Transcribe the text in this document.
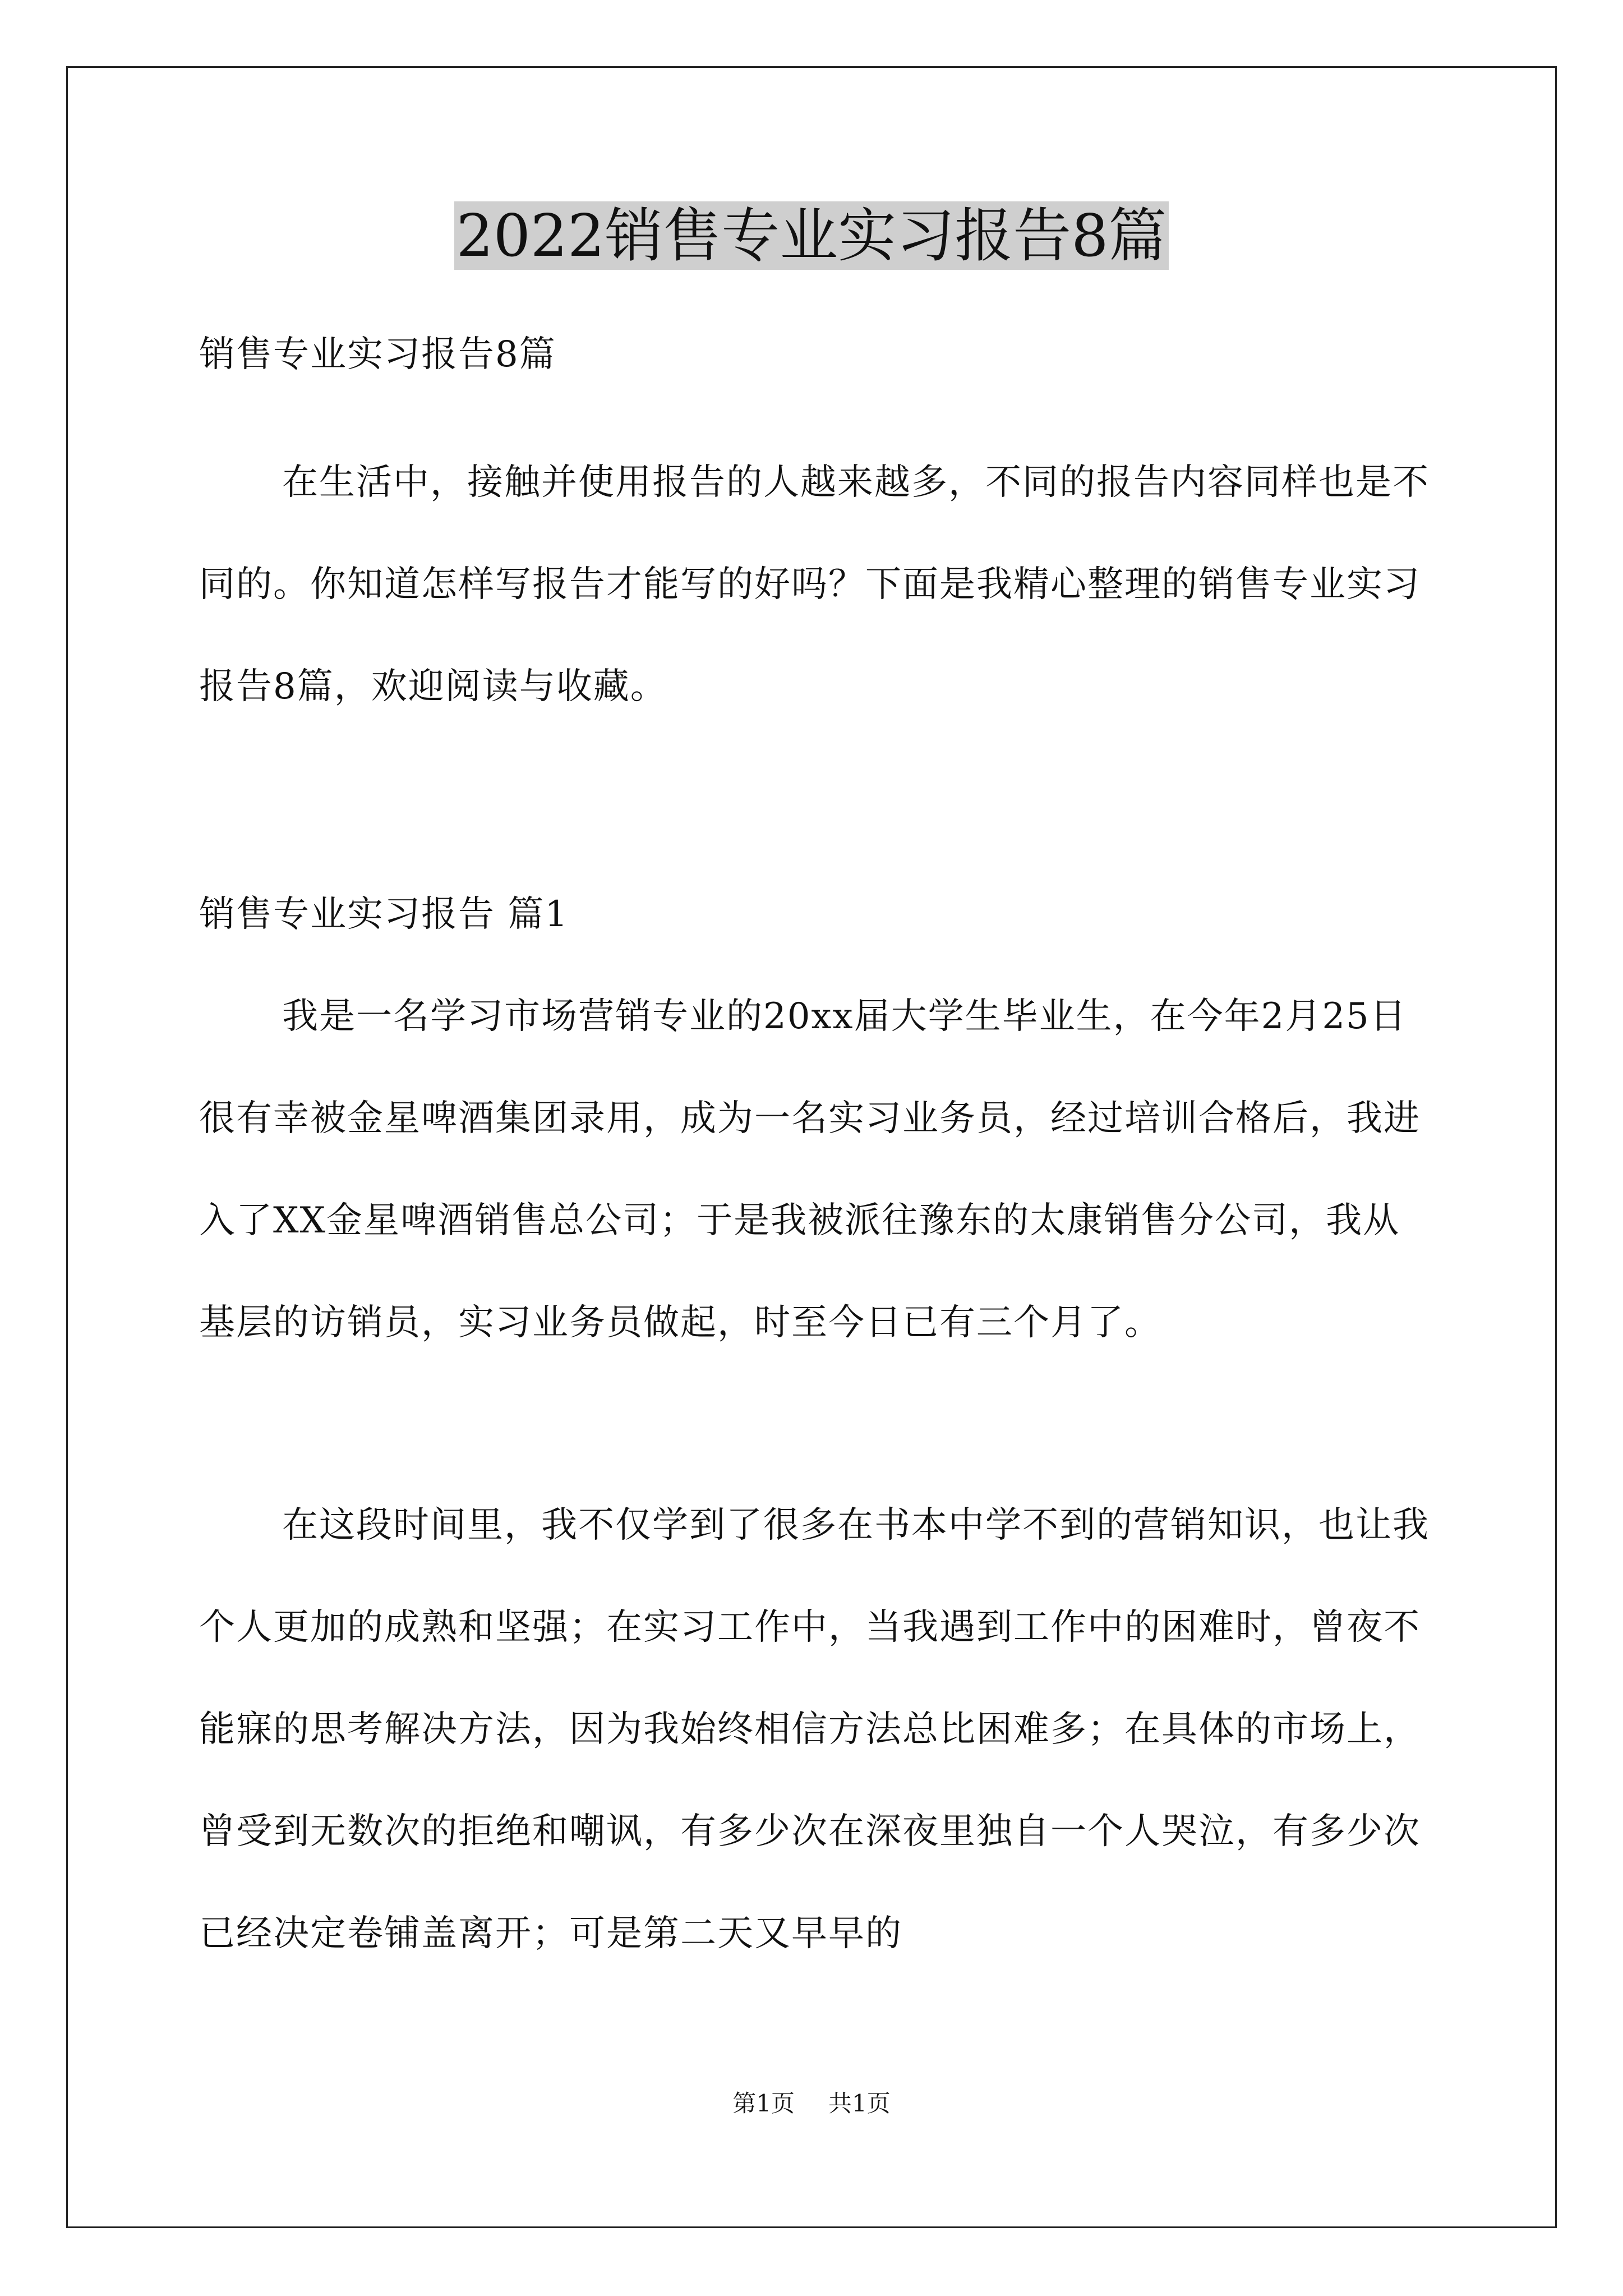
2022销售专业实习报告8篇

销售专业实习报告8篇

在生活中，接触并使用报告的人越来越多，不同的报告内容同样也是不同的。你知道怎样写报告才能写的好吗？下面是我精心整理的销售专业实习报告8篇，欢迎阅读与收藏。

销售专业实习报告 篇1

我是一名学习市场营销专业的20xx届大学生毕业生，在今年2月25日很有幸被金星啤酒集团录用，成为一名实习业务员，经过培训合格后，我进入了XX金星啤酒销售总公司；于是我被派往豫东的太康销售分公司，我从基层的访销员，实习业务员做起，时至今日已有三个月了。

在这段时间里，我不仅学到了很多在书本中学不到的营销知识，也让我个人更加的成熟和坚强；在实习工作中，当我遇到工作中的困难时，曾夜不能寐的思考解决方法，因为我始终相信方法总比困难多；在具体的市场上，曾受到无数次的拒绝和嘲讽，有多少次在深夜里独自一个人哭泣，有多少次已经决定卷铺盖离开；可是第二天又早早的

第1页 共1页
